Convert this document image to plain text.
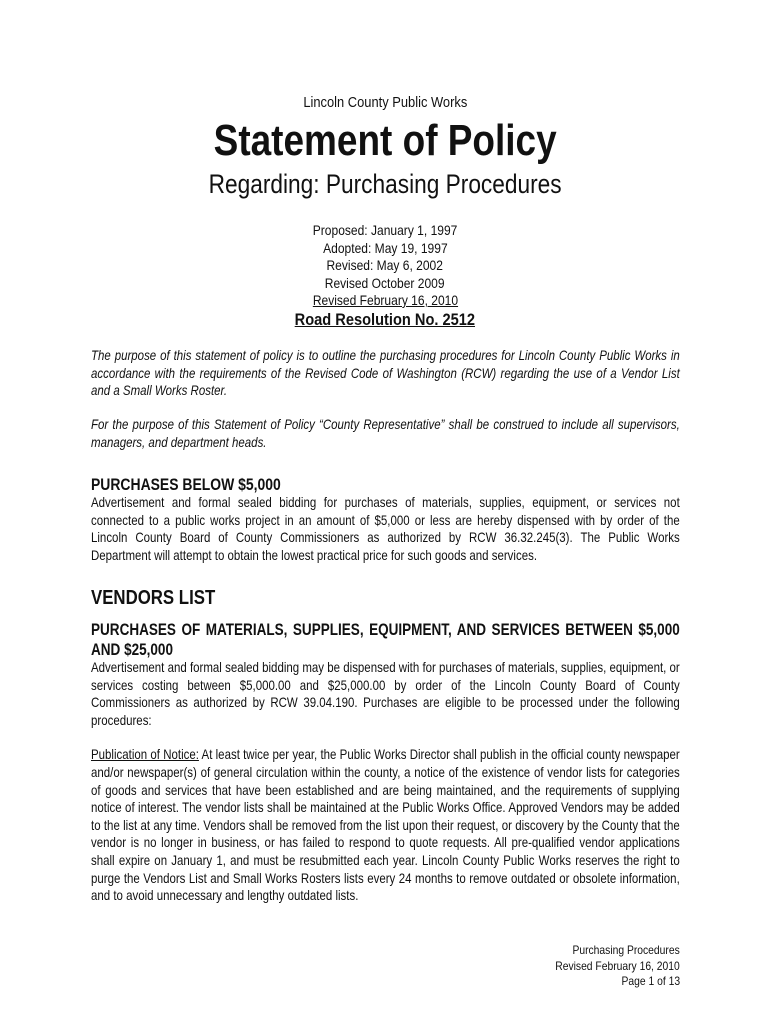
Lincoln County Public Works
Statement of Policy
Regarding: Purchasing Procedures
Proposed: January 1, 1997
Adopted: May 19, 1997
Revised: May 6, 2002
Revised October 2009
Revised February 16, 2010
Road Resolution No. 2512
The purpose of this statement of policy is to outline the purchasing procedures for Lincoln County Public Works in accordance with the requirements of the Revised Code of Washington (RCW) regarding the use of a Vendor List and a Small Works Roster.
For the purpose of this Statement of Policy “County Representative” shall be construed to include all supervisors, managers, and department heads.
PURCHASES BELOW $5,000
Advertisement and formal sealed bidding for purchases of materials, supplies, equipment, or services not connected to a public works project in an amount of $5,000 or less are hereby dispensed with by order of the Lincoln County Board of County Commissioners as authorized by RCW 36.32.245(3). The Public Works Department will attempt to obtain the lowest practical price for such goods and services.
VENDORS LIST
PURCHASES OF MATERIALS, SUPPLIES, EQUIPMENT, AND SERVICES BETWEEN $5,000 AND $25,000
Advertisement and formal sealed bidding may be dispensed with for purchases of materials, supplies, equipment, or services costing between $5,000.00 and $25,000.00 by order of the Lincoln County Board of County Commissioners as authorized by RCW 39.04.190. Purchases are eligible to be processed under the following procedures:
Publication of Notice: At least twice per year, the Public Works Director shall publish in the official county newspaper and/or newspaper(s) of general circulation within the county, a notice of the existence of vendor lists for categories of goods and services that have been established and are being maintained, and the requirements of supplying notice of interest. The vendor lists shall be maintained at the Public Works Office. Approved Vendors may be added to the list at any time. Vendors shall be removed from the list upon their request, or discovery by the County that the vendor is no longer in business, or has failed to respond to quote requests. All pre-qualified vendor applications shall expire on January 1, and must be resubmitted each year. Lincoln County Public Works reserves the right to purge the Vendors List and Small Works Rosters lists every 24 months to remove outdated or obsolete information, and to avoid unnecessary and lengthy outdated lists.
Purchasing Procedures
Revised February 16, 2010
Page 1 of 13
